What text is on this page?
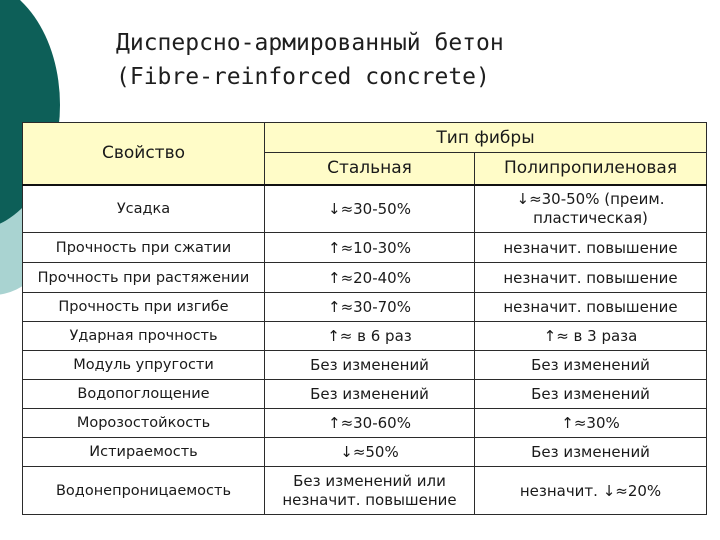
Дисперсно-армированный бетон
(Fibre-reinforced concrete)
Свойство	Тип фибры	
	Стальная	Полипропиленовая
Усадка	↓≈30-50%	↓≈30-50% (преим. пластическая)
Прочность при сжатии	↑≈10-30%	незначит. повышение
Прочность при растяжении	↑≈20-40%	незначит. повышение
Прочность при изгибе	↑≈30-70%	незначит. повышение
Ударная прочность	↑≈ в 6 раз	↑≈ в 3 раза
Модуль упругости	Без изменений	Без изменений
Водопоглощение	Без изменений	Без изменений
Морозостойкость	↑≈30-60%	↑≈30%
Истираемость	↓≈50%	Без изменений
Водонепроницаемость	Без изменений или незначит. повышение	незначит. ↓≈20%
